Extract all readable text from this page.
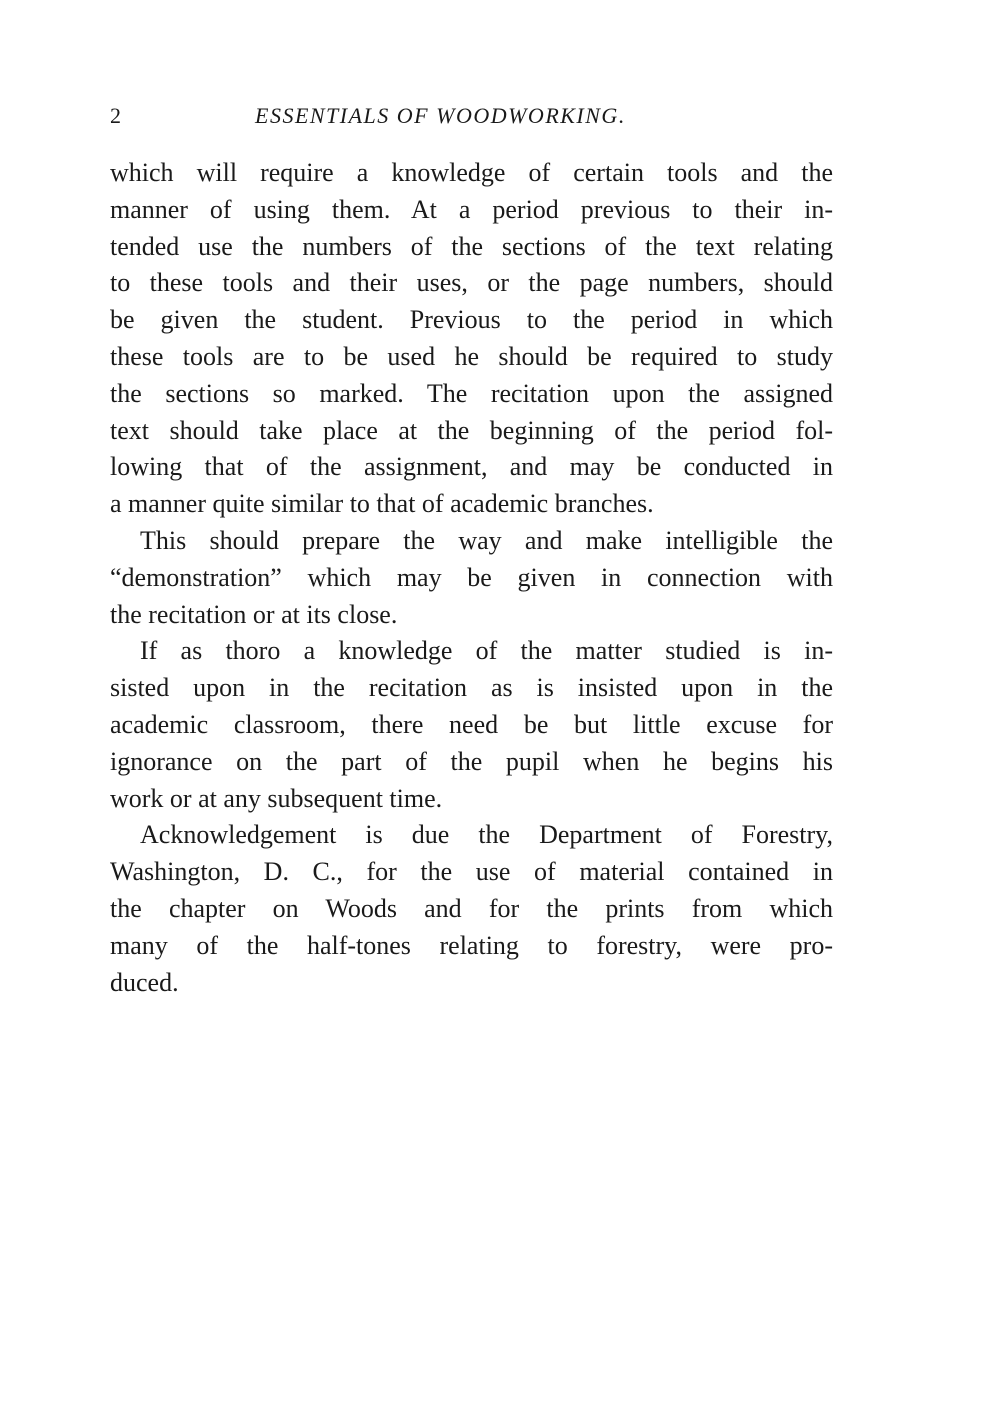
2	ESSENTIALS OF WOODWORKING.
which will require a knowledge of certain tools and the
manner of using them. At a period previous to their in-
tended use the numbers of the sections of the text relating
to these tools and their uses, or the page numbers, should
be given the student. Previous to the period in which
these tools are to be used he should be required to study
the sections so marked. The recitation upon the assigned
text should take place at the beginning of the period fol-
lowing that of the assignment, and may be conducted in
a manner quite similar to that of academic branches.
This should prepare the way and make intelligible the
“demonstration” which may be given in connection with
the recitation or at its close.
If as thoro a knowledge of the matter studied is in-
sisted upon in the recitation as is insisted upon in the
academic classroom, there need be but little excuse for
ignorance on the part of the pupil when he begins his
work or at any subsequent time.
Acknowledgement is due the Department of Forestry,
Washington, D. C., for the use of material contained in
the chapter on Woods and for the prints from which
many of the half-tones relating to forestry, were pro-
duced.
